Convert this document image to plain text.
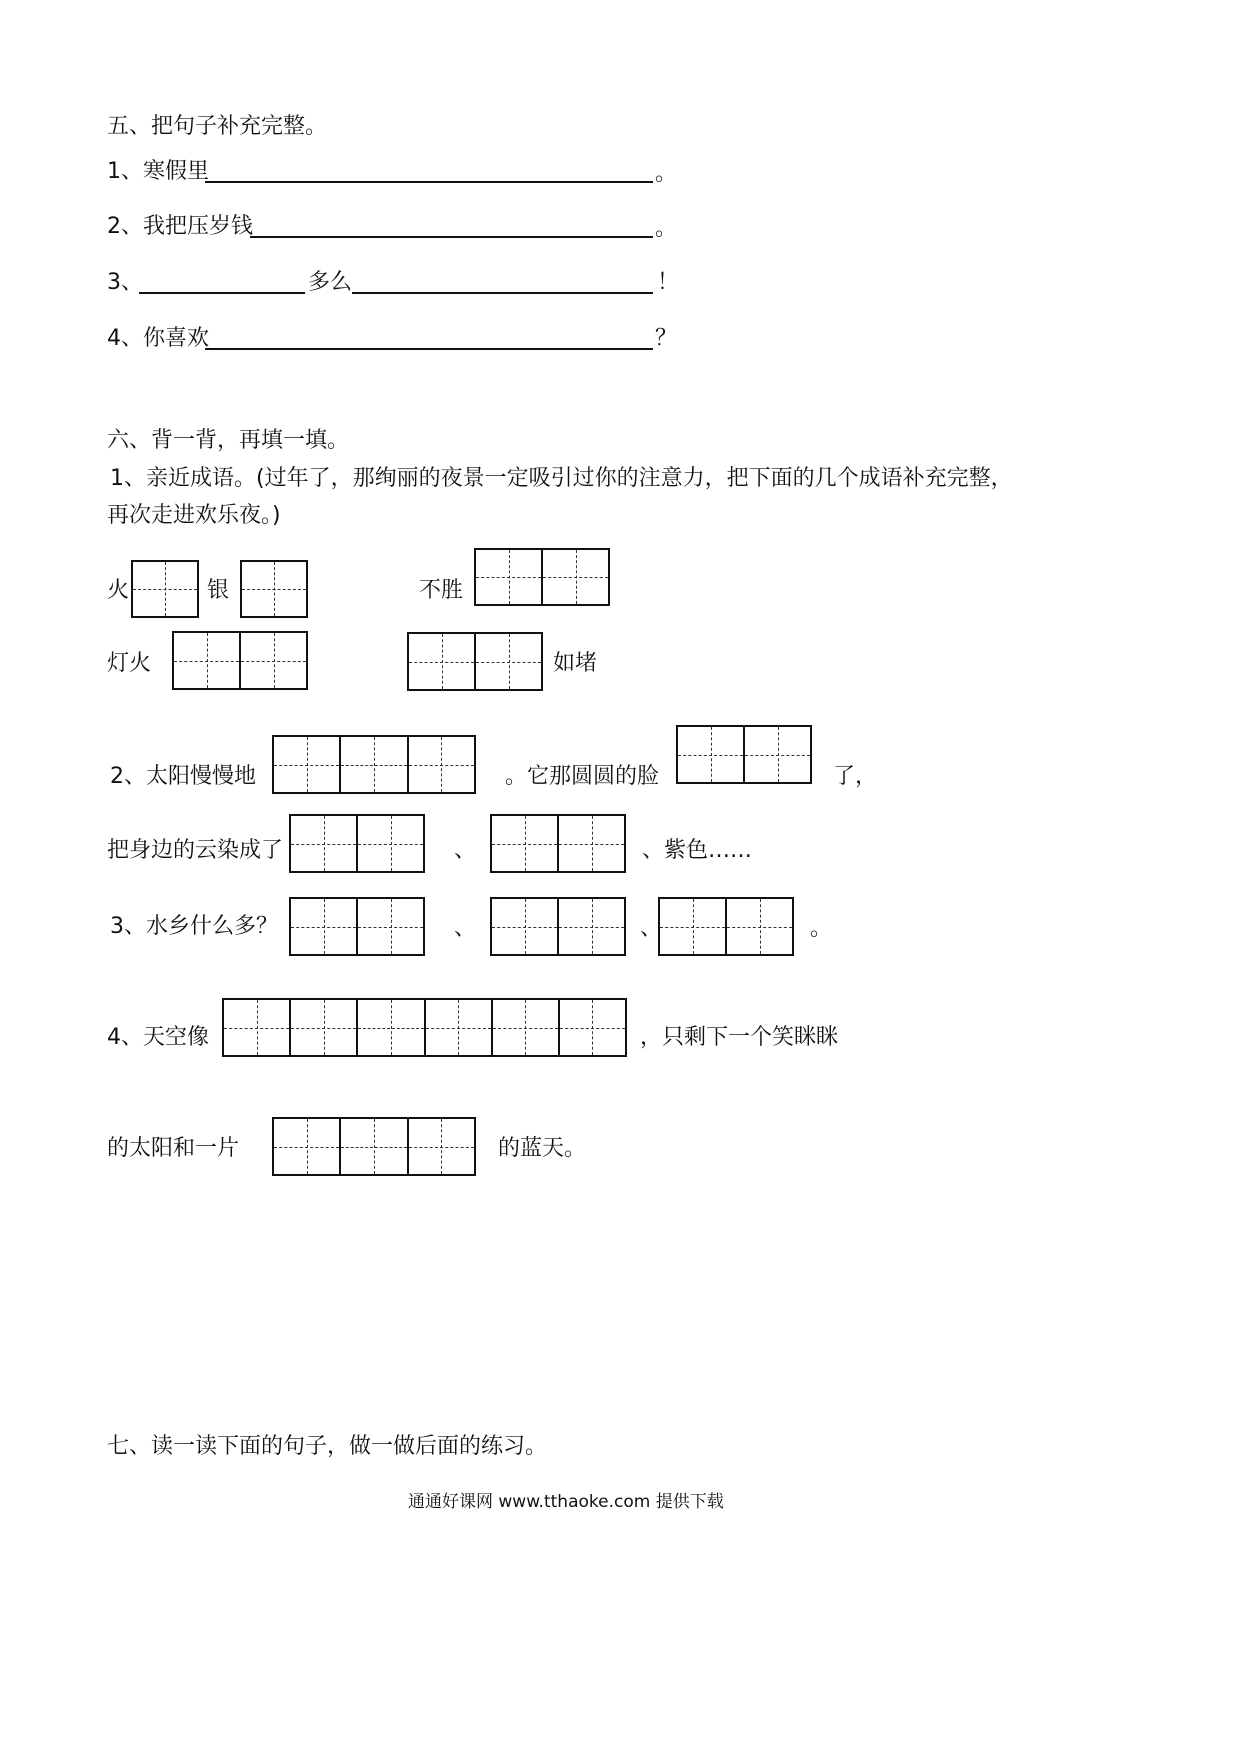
五、把句子补充完整。
1、寒假里	。
2、我把压岁钱	。
3、	多么	！
4、你喜欢	？
六、背一背，再填一填。
1、亲近成语。(过年了，那绚丽的夜景一定吸引过你的注意力，把下面的几个成语补充完整，
再次走进欢乐夜。)
火	银	不胜
灯火	如堵
2、太阳慢慢地	。它那圆圆的脸	了，
把身边的云染成了	、	、紫色……
3、水乡什么多？	、	、	。
4、天空像	，只剩下一个笑眯眯
的太阳和一片	的蓝天。
七、读一读下面的句子，做一做后面的练习。
通通好课网 www.tthaoke.com 提供下载
